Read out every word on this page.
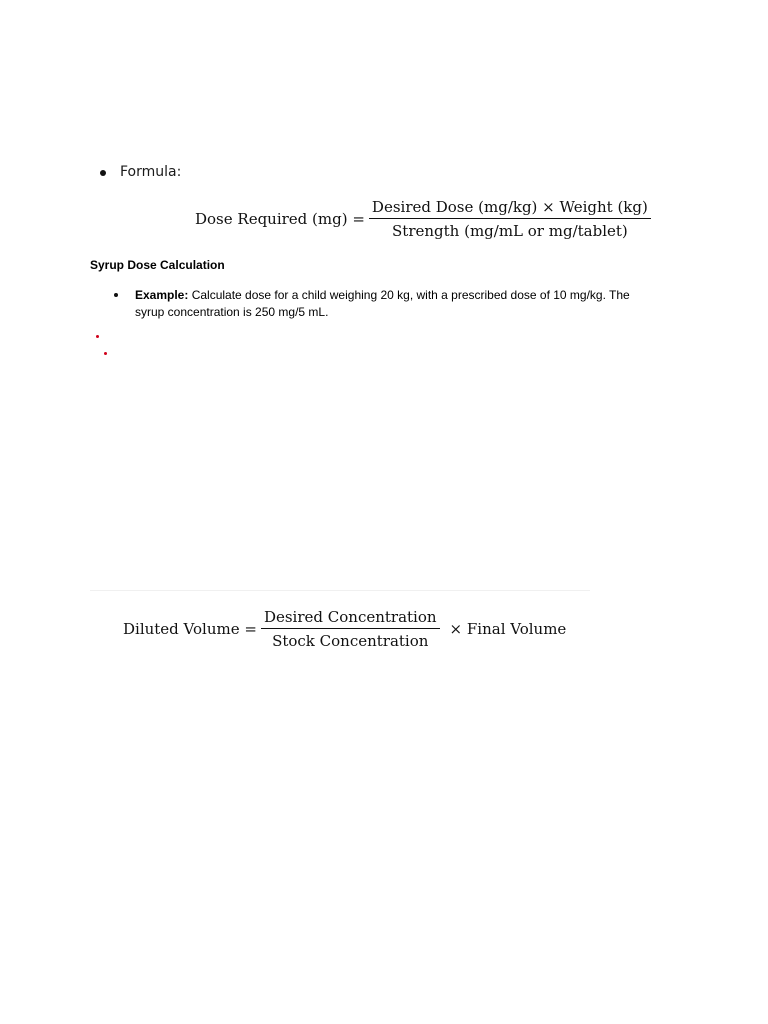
Formula:
Dose Required $(mg) = \frac{\text{Desired Dose (mg/kg) × Weight (kg)}}{\text{Strength (mg/mL or mg/tablet)}}$
Syrup Dose Calculation
Example: Calculate dose for a child weighing 20 kg, with a prescribed dose of 10 mg/kg. The syrup concentration is 250 mg/5 mL.
Diluted Volume = $\frac{\text{Desired Concentration}}{\text{Stock Concentration}}$ × Final Volume
